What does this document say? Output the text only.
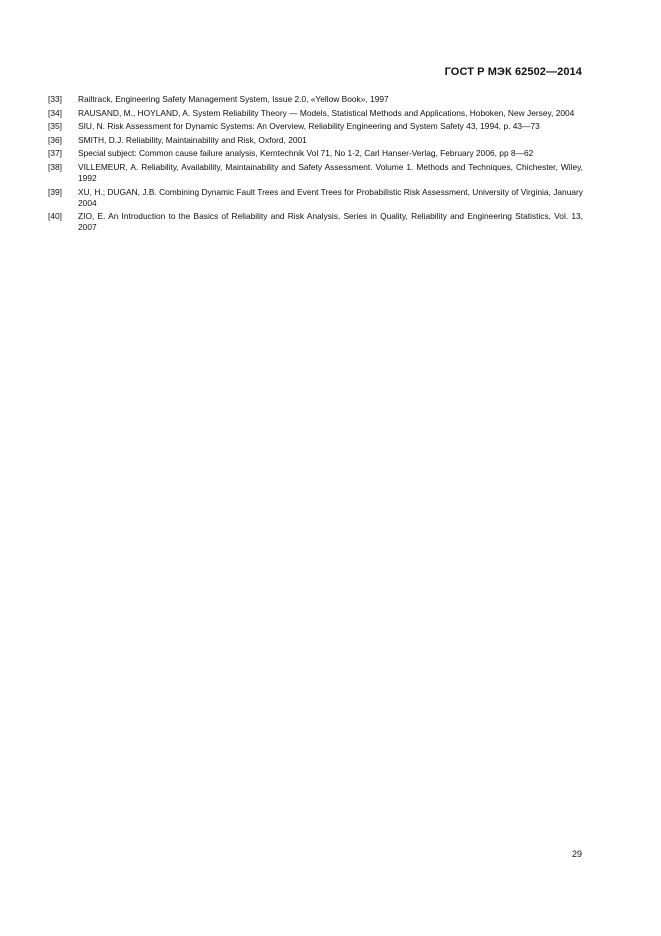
ГОСТ Р МЭК 62502—2014
[33]	Railtrack, Engineering Safety Management System, Issue 2.0, «Yellow Book», 1997
[34]	RAUSAND, M., HOYLAND, A. System Reliability Theory — Models, Statistical Methods and Applications, Hoboken, New Jersey, 2004
[35]	SIU, N. Risk Assessment for Dynamic Systems: An Overview, Reliability Engineering and System Safety 43, 1994, p. 43—73
[36]	SMITH, D.J. Reliability, Maintainability and Risk, Oxford, 2001
[37]	Special subject: Common cause failure analysis, Kerntechnik Vol 71, No 1-2, Carl Hanser-Verlag, February 2006, pp 8—62
[38]	VILLEMEUR, A. Reliability, Availability, Maintainability and Safety Assessment. Volume 1. Methods and Techniques, Chichester, Wiley, 1992
[39]	XU, H.; DUGAN, J.B. Combining Dynamic Fault Trees and Event Trees for Probabilistic Risk Assessment, University of Virginia, January 2004
[40]	ZIO, E. An Introduction to the Basics of Reliability and Risk Analysis, Series in Quality, Reliability and Engineering Statistics, Vol. 13, 2007
29
